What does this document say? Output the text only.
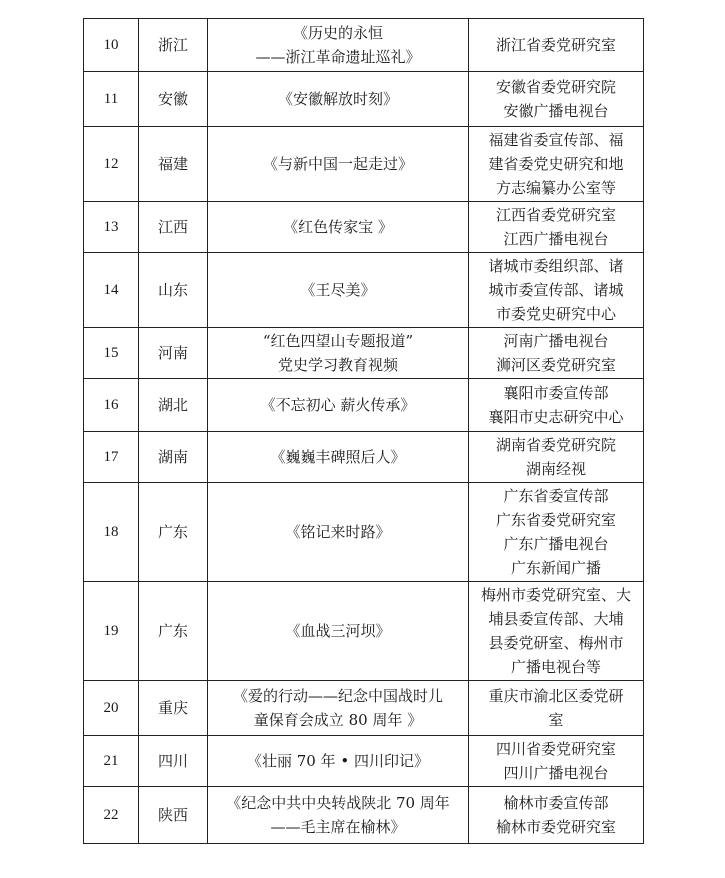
10	浙江	《历史的永恒
——浙江革命遗址巡礼》	浙江省委党研究室

11	安徽	《安徽解放时刻》	安徽省委党研究院
安徽广播电视台

12	福建	《与新中国一起走过》	福建省委宣传部、福
建省委党史研究和地
方志编纂办公室等

13	江西	《红色传家宝 》	江西省委党研究室
江西广播电视台

14	山东	《王尽美》	诸城市委组织部、诸
城市委宣传部、诸城
市委党史研究中心

15	河南	“红色四望山专题报道”
党史学习教育视频	河南广播电视台
浉河区委党研究室

16	湖北	《不忘初心 薪火传承》	襄阳市委宣传部
襄阳市史志研究中心

17	湖南	《巍巍丰碑照后人》	湖南省委党研究院
湖南经视

18	广东	《铭记来时路》	广东省委宣传部
广东省委党研究室
广东广播电视台
广东新闻广播

19	广东	《血战三河坝》	梅州市委党研究室、大
埔县委宣传部、大埔
县委党研室、梅州市
广播电视台等

20	重庆	《爱的行动——纪念中国战时儿
童保育会成立 80 周年 》	重庆市渝北区委党研
室

21	四川	《壮丽 70 年 • 四川印记》	四川省委党研究室
四川广播电视台

22	陕西	《纪念中共中央转战陕北 70 周年
——毛主席在榆林》	榆林市委宣传部
榆林市委党研究室
